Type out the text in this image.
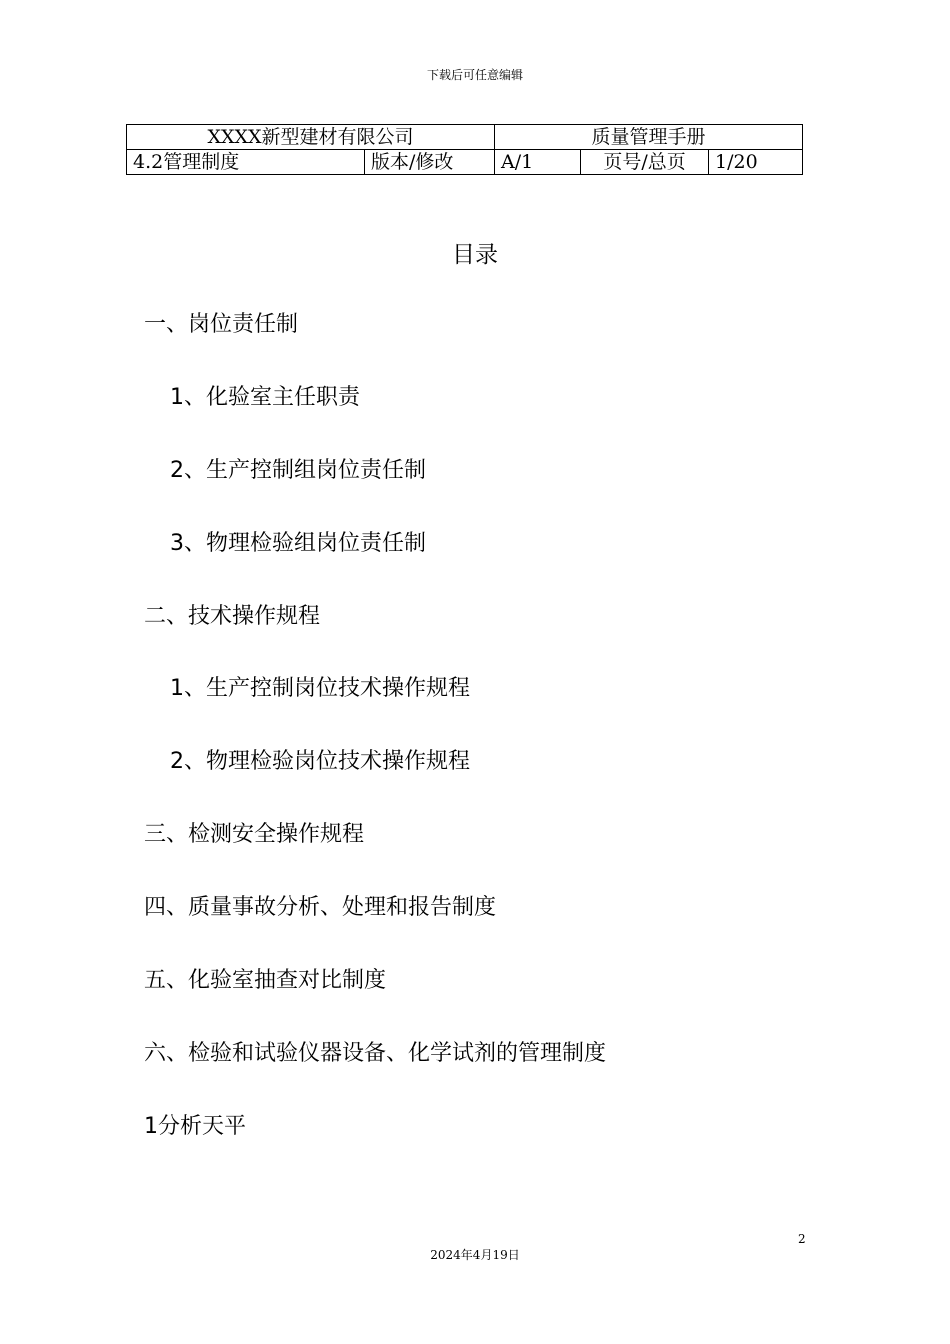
下载后可任意编辑
XXXX新型建材有限公司		质量管理手册		
4.2管理制度	版本/修改	A/1	页号/总页	1/20
目录
一、岗位责任制
1、化验室主任职责
2、生产控制组岗位责任制
3、物理检验组岗位责任制
二、技术操作规程
1、生产控制岗位技术操作规程
2、物理检验岗位技术操作规程
三、检测安全操作规程
四、质量事故分析、处理和报告制度
五、化验室抽查对比制度
六、检验和试验仪器设备、化学试剂的管理制度
1分析天平
2
2024年4月19日
